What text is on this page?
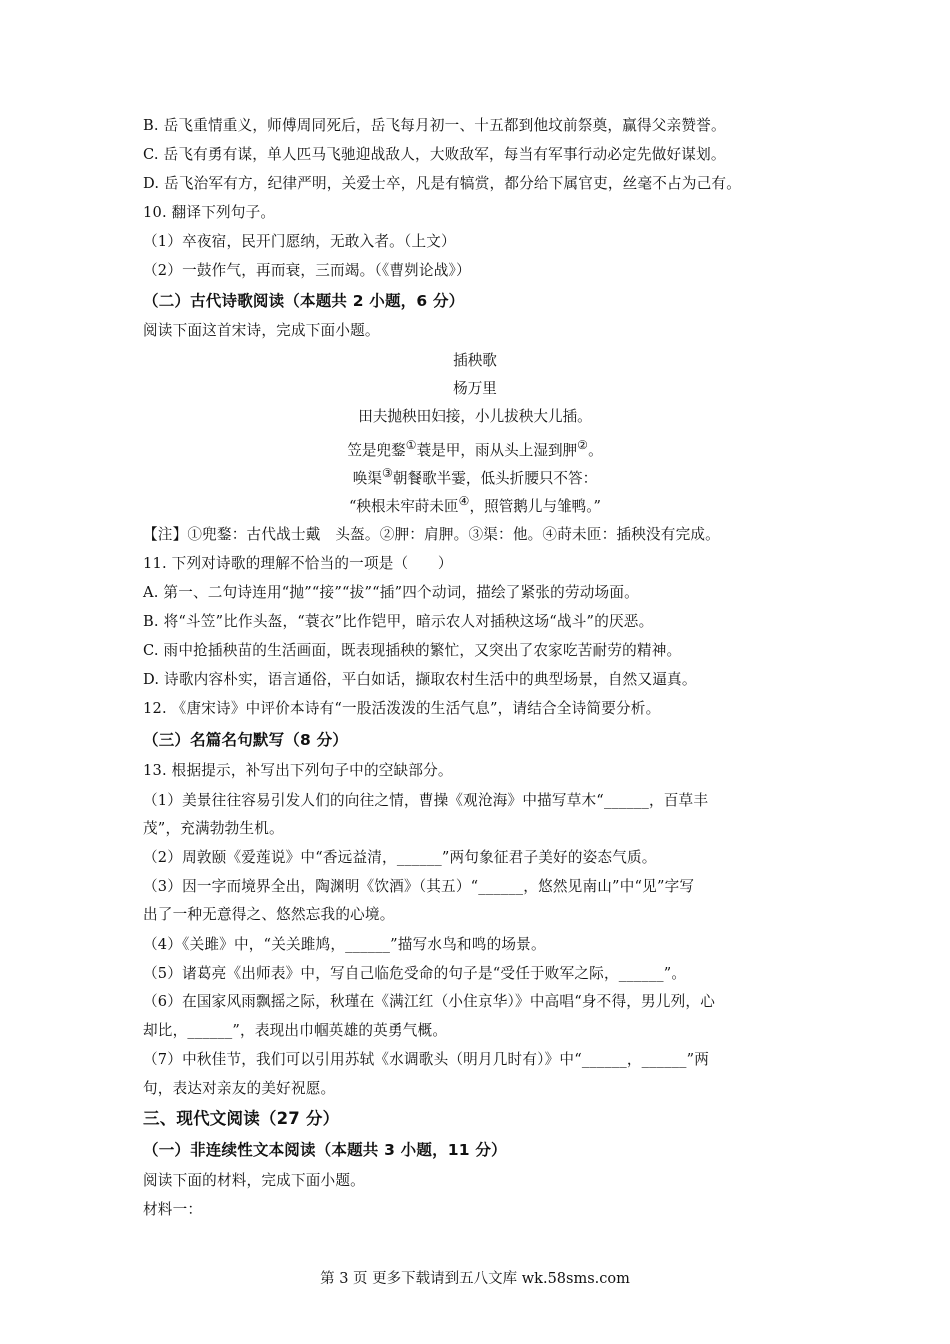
B. 岳飞重情重义，师傅周同死后，岳飞每月初一、十五都到他坟前祭奠，赢得父亲赞誉。
C. 岳飞有勇有谋，单人匹马飞驰迎战敌人，大败敌军，每当有军事行动必定先做好谋划。
D. 岳飞治军有方，纪律严明，关爱士卒，凡是有犒赏，都分给下属官吏，丝毫不占为己有。
10. 翻译下列句子。
（1）卒夜宿，民开门愿纳，无敢入者。（上文）
（2）一鼓作气，再而衰，三而竭。（《曹刿论战》）
（二）古代诗歌阅读（本题共 2 小题，6 分）
阅读下面这首宋诗，完成下面小题。
插秧歌
杨万里
田夫抛秧田妇接，小儿拔秧大儿插。
笠是兜鍪①蓑是甲，雨从头上湿到胛②。
唤渠③朝餐歌半霎，低头折腰只不答：
“秧根未牢莳未匝④，照管鹅儿与雏鸭。”
【注】①兜鍪：古代战士戴　头盔。②胛：肩胛。③渠：他。④莳未匝：插秧没有完成。
11. 下列对诗歌的理解不恰当的一项是（　　）
A. 第一、二句诗连用“抛”“接”“拔”“插”四个动词，描绘了紧张的劳动场面。
B. 将“斗笠”比作头盔，“蓑衣”比作铠甲，暗示农人对插秧这场“战斗”的厌恶。
C. 雨中抢插秧苗的生活画面，既表现插秧的繁忙，又突出了农家吃苦耐劳的精神。
D. 诗歌内容朴实，语言通俗，平白如话，撷取农村生活中的典型场景，自然又逼真。
12. 《唐宋诗》中评价本诗有“一股活泼泼的生活气息”，请结合全诗简要分析。
（三）名篇名句默写（8 分）
13. 根据提示，补写出下列句子中的空缺部分。
（1）美景往往容易引发人们的向往之情，曹操《观沧海》中描写草木“______，百草丰
茂”，充满勃勃生机。
（2）周敦颐《爱莲说》中“香远益清，______”两句象征君子美好的姿态气质。
（3）因一字而境界全出，陶渊明《饮酒》（其五）“______，悠然见南山”中“见”字写
出了一种无意得之、悠然忘我的心境。
（4）《关雎》中，“关关雎鸠，______”描写水鸟和鸣的场景。
（5）诸葛亮《出师表》中，写自己临危受命的句子是“受任于败军之际，______”。
（6）在国家风雨飘摇之际，秋瑾在《满江红（小住京华）》中高唱“身不得，男儿列，心
却比，______”，表现出巾帼英雄的英勇气概。
（7）中秋佳节，我们可以引用苏轼《水调歌头（明月几时有）》中“______，______”两
句，表达对亲友的美好祝愿。
三、现代文阅读（27 分）
（一）非连续性文本阅读（本题共 3 小题，11 分）
阅读下面的材料，完成下面小题。
材料一：
第 3 页 更多下载请到五八文库 wk.58sms.com
